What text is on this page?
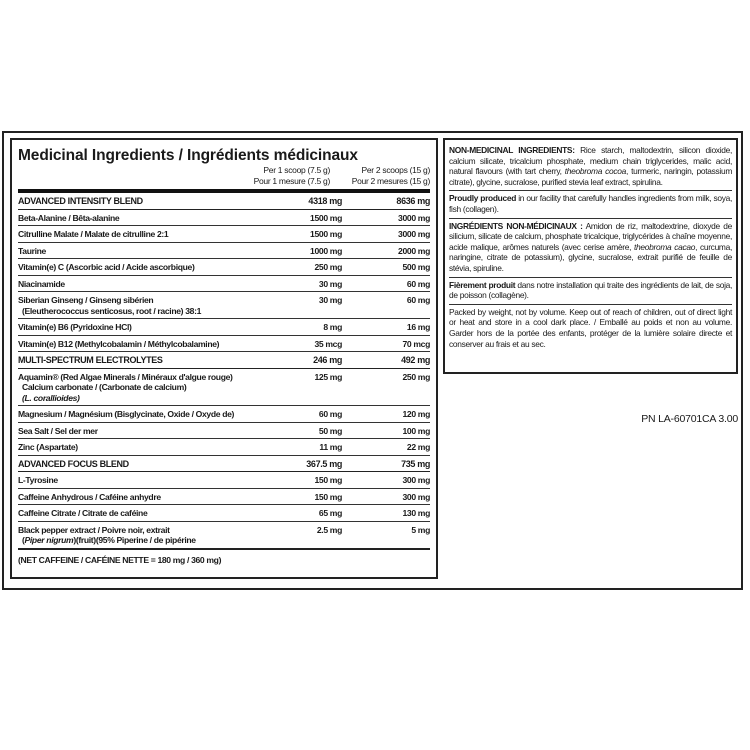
Medicinal Ingredients / Ingrédients médicinaux
Per 1 scoop (7.5 g)
Pour 1 mesure (7.5 g)
Per 2 scoops (15 g)
Pour 2 mesures (15 g)
ADVANCED INTENSITY BLEND	4318 mg	8636 mg
Beta-Alanine / Bêta-alanine	1500 mg	3000 mg
Citrulline Malate / Malate de citrulline 2:1	1500 mg	3000 mg
Taurine	1000 mg	2000 mg
Vitamin(e) C (Ascorbic acid / Acide ascorbique)	250 mg	500 mg
Niacinamide	30 mg	60 mg
Siberian Ginseng / Ginseng sibérien
(Eleutherococcus senticosus, root / racine) 38:1
30 mg	60 mg
Vitamin(e) B6 (Pyridoxine HCl)	8 mg	16 mg
Vitamin(e) B12 (Methylcobalamin / Méthylcobalamine)	35 mcg	70 mcg
MULTI-SPECTRUM ELECTROLYTES	246 mg	492 mg
Aquamin® (Red Algae Minerals / Minéraux d'algue rouge)
Calcium carbonate / (Carbonate de calcium)
(L. corallioides)
125 mg	250 mg
Magnesium / Magnésium (Bisglycinate, Oxide / Oxyde de)	60 mg	120 mg
Sea Salt / Sel der mer	50 mg	100 mg
Zinc (Aspartate)	11 mg	22 mg
ADVANCED FOCUS BLEND	367.5 mg	735 mg
L-Tyrosine	150 mg	300 mg
Caffeine Anhydrous / Caféine anhydre	150 mg	300 mg
Caffeine Citrate / Citrate de caféine	65 mg	130 mg
Black pepper extract / Poivre noir, extrait
(Piper nigrum)(fruit)(95% Piperine / de pipérine
2.5 mg	5 mg
(NET CAFFEINE / CAFÉINE NETTE = 180 mg / 360 mg)
NON-MEDICINAL INGREDIENTS: Rice starch, maltodextrin, silicon dioxide, calcium silicate, tricalcium phosphate, medium chain triglycerides, malic acid, natural flavours (with tart cherry, theobroma cocoa, turmeric, naringin, potassium citrate), glycine, sucralose, purified stevia leaf extract, spirulina.
Proudly produced in our facility that carefully handles ingredients from milk, soya, fish (collagen).
INGRÉDIENTS NON-MÉDICINAUX : Amidon de riz, maltodextrine, dioxyde de silicium, silicate de calcium, phosphate tricalcique, triglycérides à chaîne moyenne, acide malique, arômes naturels (avec cerise amère, theobroma cacao, curcuma, naringine, citrate de potassium), glycine, sucralose, extrait purifié de feuille de stévia, spiruline.
Fièrement produit dans notre installation qui traite des ingrédients de lait, de soja, de poisson (collagène).
Packed by weight, not by volume. Keep out of reach of children, out of direct light or heat and store in a cool dark place. / Emballé au poids et non au volume. Garder hors de la portée des enfants, protéger de la lumière solaire directe et conserver au frais et au sec.
PN LA-60701CA 3.00
